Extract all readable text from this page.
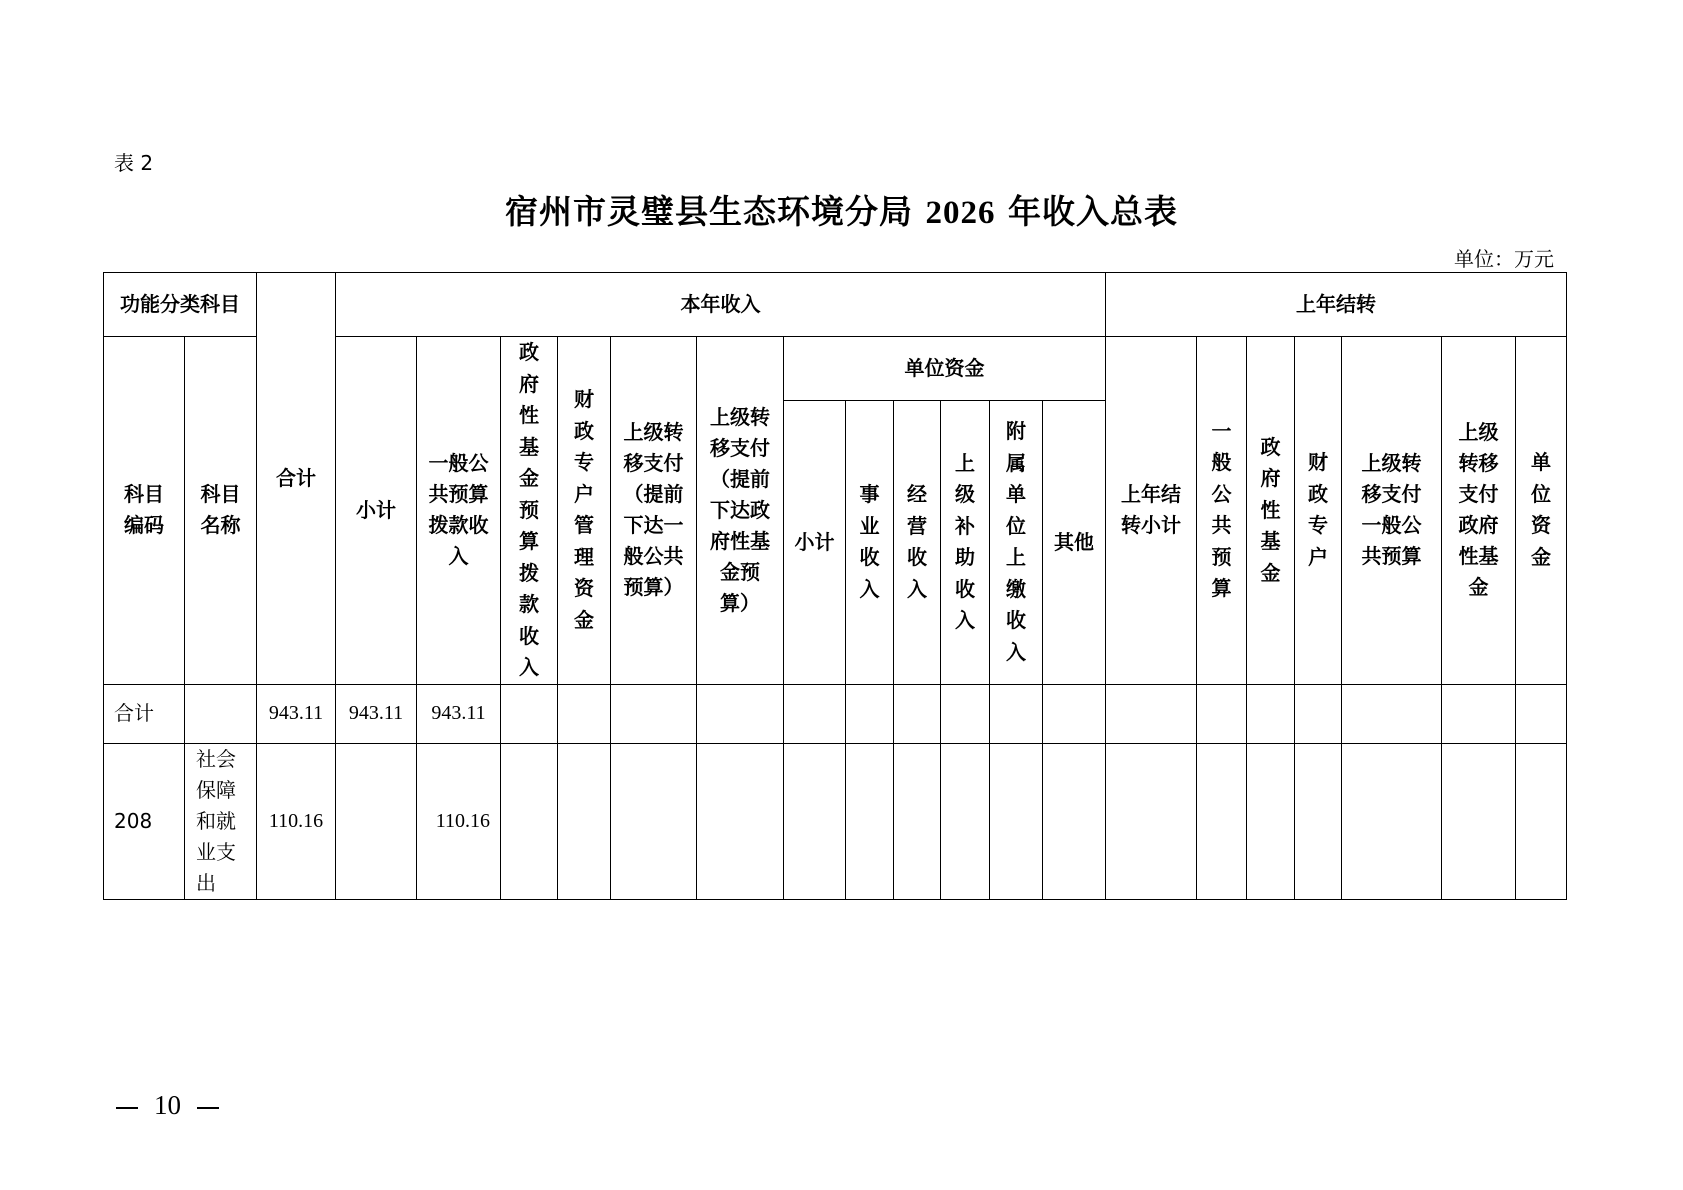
表 2
宿州市灵璧县生态环境分局 2026 年收入总表
单位：万元
功能分类科目		合计	本年收入												上年结转						
科目编码	科目名称		小计	一般公共预算拨款收入	政府性基金预算拨款收入	财政专户管理资金	上级转移支付（提前下达一般公共预算）	上级转移支付（提前下达政府性基金预算）	单位资金						上年结转小计	一般公共预算	政府性基金	财政专户	上级转移支付一般公共预算	上级转移支付政府性基金	单位资金
									小计	事业收入	经营收入	上级补助收入	附属单位上缴收入	其他							
合计		943.11	943.11	943.11																	
208	社会保障和就业支出	110.16		110.16																	
10
